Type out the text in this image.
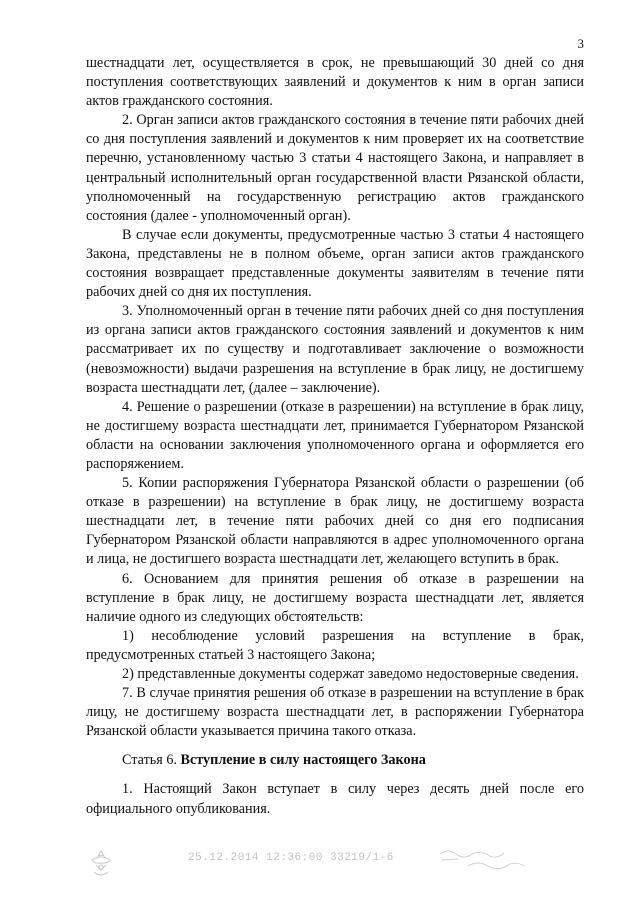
3

шестнадцати лет, осуществляется в срок, не превышающий 30 дней со дня поступления соответствующих заявлений и документов к ним в орган записи актов гражданского состояния.

2. Орган записи актов гражданского состояния в течение пяти рабочих дней со дня поступления заявлений и документов к ним проверяет их на соответствие перечню, установленному частью 3 статьи 4 настоящего Закона, и направляет в центральный исполнительный орган государственной власти Рязанской области, уполномоченный на государственную регистрацию актов гражданского состояния (далее - уполномоченный орган).

В случае если документы, предусмотренные частью 3 статьи 4 настоящего Закона, представлены не в полном объеме, орган записи актов гражданского состояния возвращает представленные документы заявителям в течение пяти рабочих дней со дня их поступления.

3. Уполномоченный орган в течение пяти рабочих дней со дня поступления из органа записи актов гражданского состояния заявлений и документов к ним рассматривает их по существу и подготавливает заключение о возможности (невозможности) выдачи разрешения на вступление в брак лицу, не достигшему возраста шестнадцати лет, (далее – заключение).

4. Решение о разрешении (отказе в разрешении) на вступление в брак лицу, не достигшему возраста шестнадцати лет, принимается Губернатором Рязанской области на основании заключения уполномоченного органа и оформляется его распоряжением.

5. Копии распоряжения Губернатора Рязанской области о разрешении (об отказе в разрешении) на вступление в брак лицу, не достигшему возраста шестнадцати лет, в течение пяти рабочих дней со дня его подписания Губернатором Рязанской области направляются в адрес уполномоченного органа и лица, не достигшего возраста шестнадцати лет, желающего вступить в брак.

6. Основанием для принятия решения об отказе в разрешении на вступление в брак лицу, не достигшему возраста шестнадцати лет, является наличие одного из следующих обстоятельств:

1) несоблюдение условий разрешения на вступление в брак, предусмотренных статьей 3 настоящего Закона;

2) представленные документы содержат заведомо недостоверные сведения.

7. В случае принятия решения об отказе в разрешении на вступление в брак лицу, не достигшему возраста шестнадцати лет, в распоряжении Губернатора Рязанской области указывается причина такого отказа.

Статья 6. Вступление в силу настоящего Закона

1. Настоящий Закон вступает в силу через десять дней после его официального опубликования.

25.12.2014 12:36:00 33219/1-6
